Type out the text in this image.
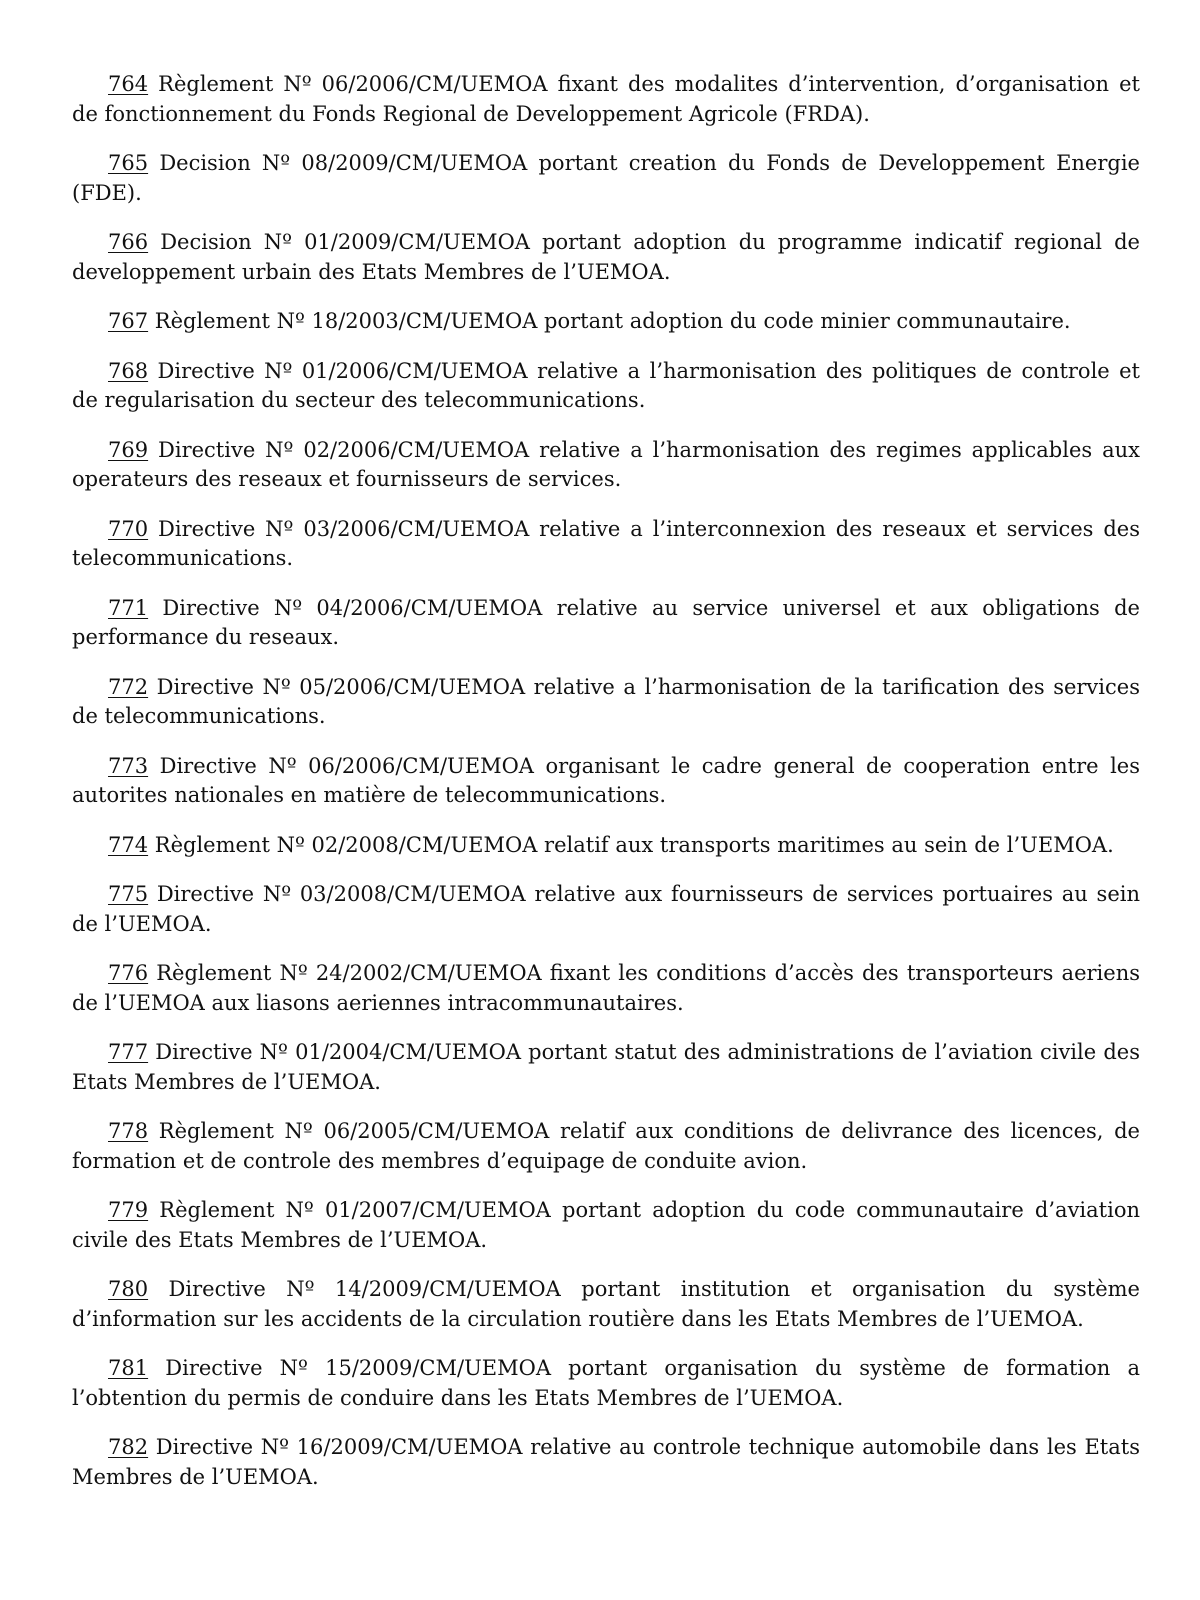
764 Règlement Nº 06/2006/CM/UEMOA fixant des modalites d’intervention, d’organisation et de fonctionnement du Fonds Regional de Developpement Agricole (FRDA).

765 Decision Nº 08/2009/CM/UEMOA portant creation du Fonds de Developpement Energie (FDE).

766 Decision Nº 01/2009/CM/UEMOA portant adoption du programme indicatif regional de developpement urbain des Etats Membres de l’UEMOA.

767 Règlement Nº 18/2003/CM/UEMOA portant adoption du code minier communautaire.

768 Directive Nº 01/2006/CM/UEMOA relative a l’harmonisation des politiques de controle et de regularisation du secteur des telecommunications.

769 Directive Nº 02/2006/CM/UEMOA relative a l’harmonisation des regimes applicables aux operateurs des reseaux et fournisseurs de services.

770 Directive Nº 03/2006/CM/UEMOA relative a l’interconnexion des reseaux et services des telecommunications.

771 Directive Nº 04/2006/CM/UEMOA relative au service universel et aux obligations de performance du reseaux.

772 Directive Nº 05/2006/CM/UEMOA relative a l’harmonisation de la tarification des services de telecommunications.

773 Directive Nº 06/2006/CM/UEMOA organisant le cadre general de cooperation entre les autorites nationales en matière de telecommunications.

774 Règlement Nº 02/2008/CM/UEMOA relatif aux transports maritimes au sein de l’UEMOA.

775 Directive Nº 03/2008/CM/UEMOA relative aux fournisseurs de services portuaires au sein de l’UEMOA.

776 Règlement Nº 24/2002/CM/UEMOA fixant les conditions d’accès des transporteurs aeriens de l’UEMOA aux liasons aeriennes intracommunautaires.

777 Directive Nº 01/2004/CM/UEMOA portant statut des administrations de l’aviation civile des Etats Membres de l’UEMOA.

778 Règlement Nº 06/2005/CM/UEMOA relatif aux conditions de delivrance des licences, de formation et de controle des membres d’equipage de conduite avion.

779 Règlement Nº 01/2007/CM/UEMOA portant adoption du code communautaire d’aviation civile des Etats Membres de l’UEMOA.

780 Directive Nº 14/2009/CM/UEMOA portant institution et organisation du système d’information sur les accidents de la circulation routière dans les Etats Membres de l’UEMOA.

781 Directive Nº 15/2009/CM/UEMOA portant organisation du système de formation a l’obtention du permis de conduire dans les Etats Membres de l’UEMOA.

782 Directive Nº 16/2009/CM/UEMOA relative au controle technique automobile dans les Etats Membres de l’UEMOA.
